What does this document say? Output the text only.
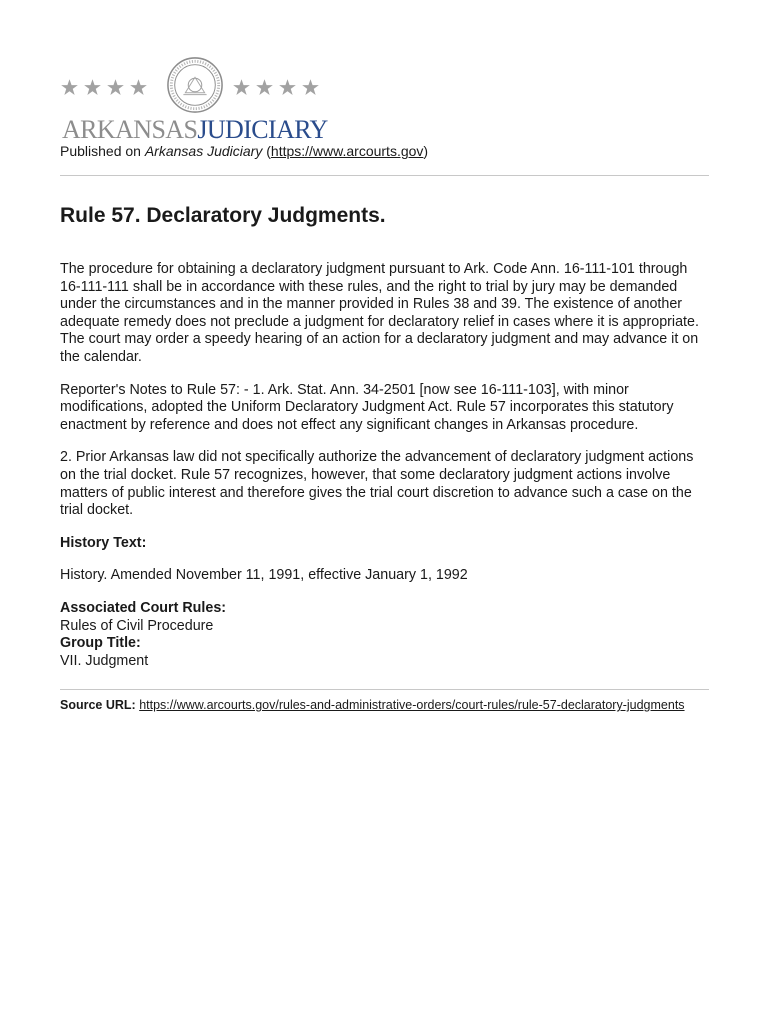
ARKANSASJUDICIARY
Published on Arkansas Judiciary (https://www.arcourts.gov)
Rule 57. Declaratory Judgments.

The procedure for obtaining a declaratory judgment pursuant to Ark. Code Ann. 16-111-101 through 16-111-111 shall be in accordance with these rules, and the right to trial by jury may be demanded under the circumstances and in the manner provided in Rules 38 and 39. The existence of another adequate remedy does not preclude a judgment for declaratory relief in cases where it is appropriate. The court may order a speedy hearing of an action for a declaratory judgment and may advance it on the calendar.

Reporter's Notes to Rule 57: - 1. Ark. Stat. Ann. 34-2501 [now see 16-111-103], with minor modifications, adopted the Uniform Declaratory Judgment Act. Rule 57 incorporates this statutory enactment by reference and does not effect any significant changes in Arkansas procedure.

2. Prior Arkansas law did not specifically authorize the advancement of declaratory judgment actions on the trial docket. Rule 57 recognizes, however, that some declaratory judgment actions involve matters of public interest and therefore gives the trial court discretion to advance such a case on the trial docket.

History Text:

History. Amended November 11, 1991, effective January 1, 1992

Associated Court Rules:

Rules of Civil Procedure

Group Title:

VII. Judgment

Source URL: https://www.arcourts.gov/rules-and-administrative-orders/court-rules/rule-57-declaratory-judgments
